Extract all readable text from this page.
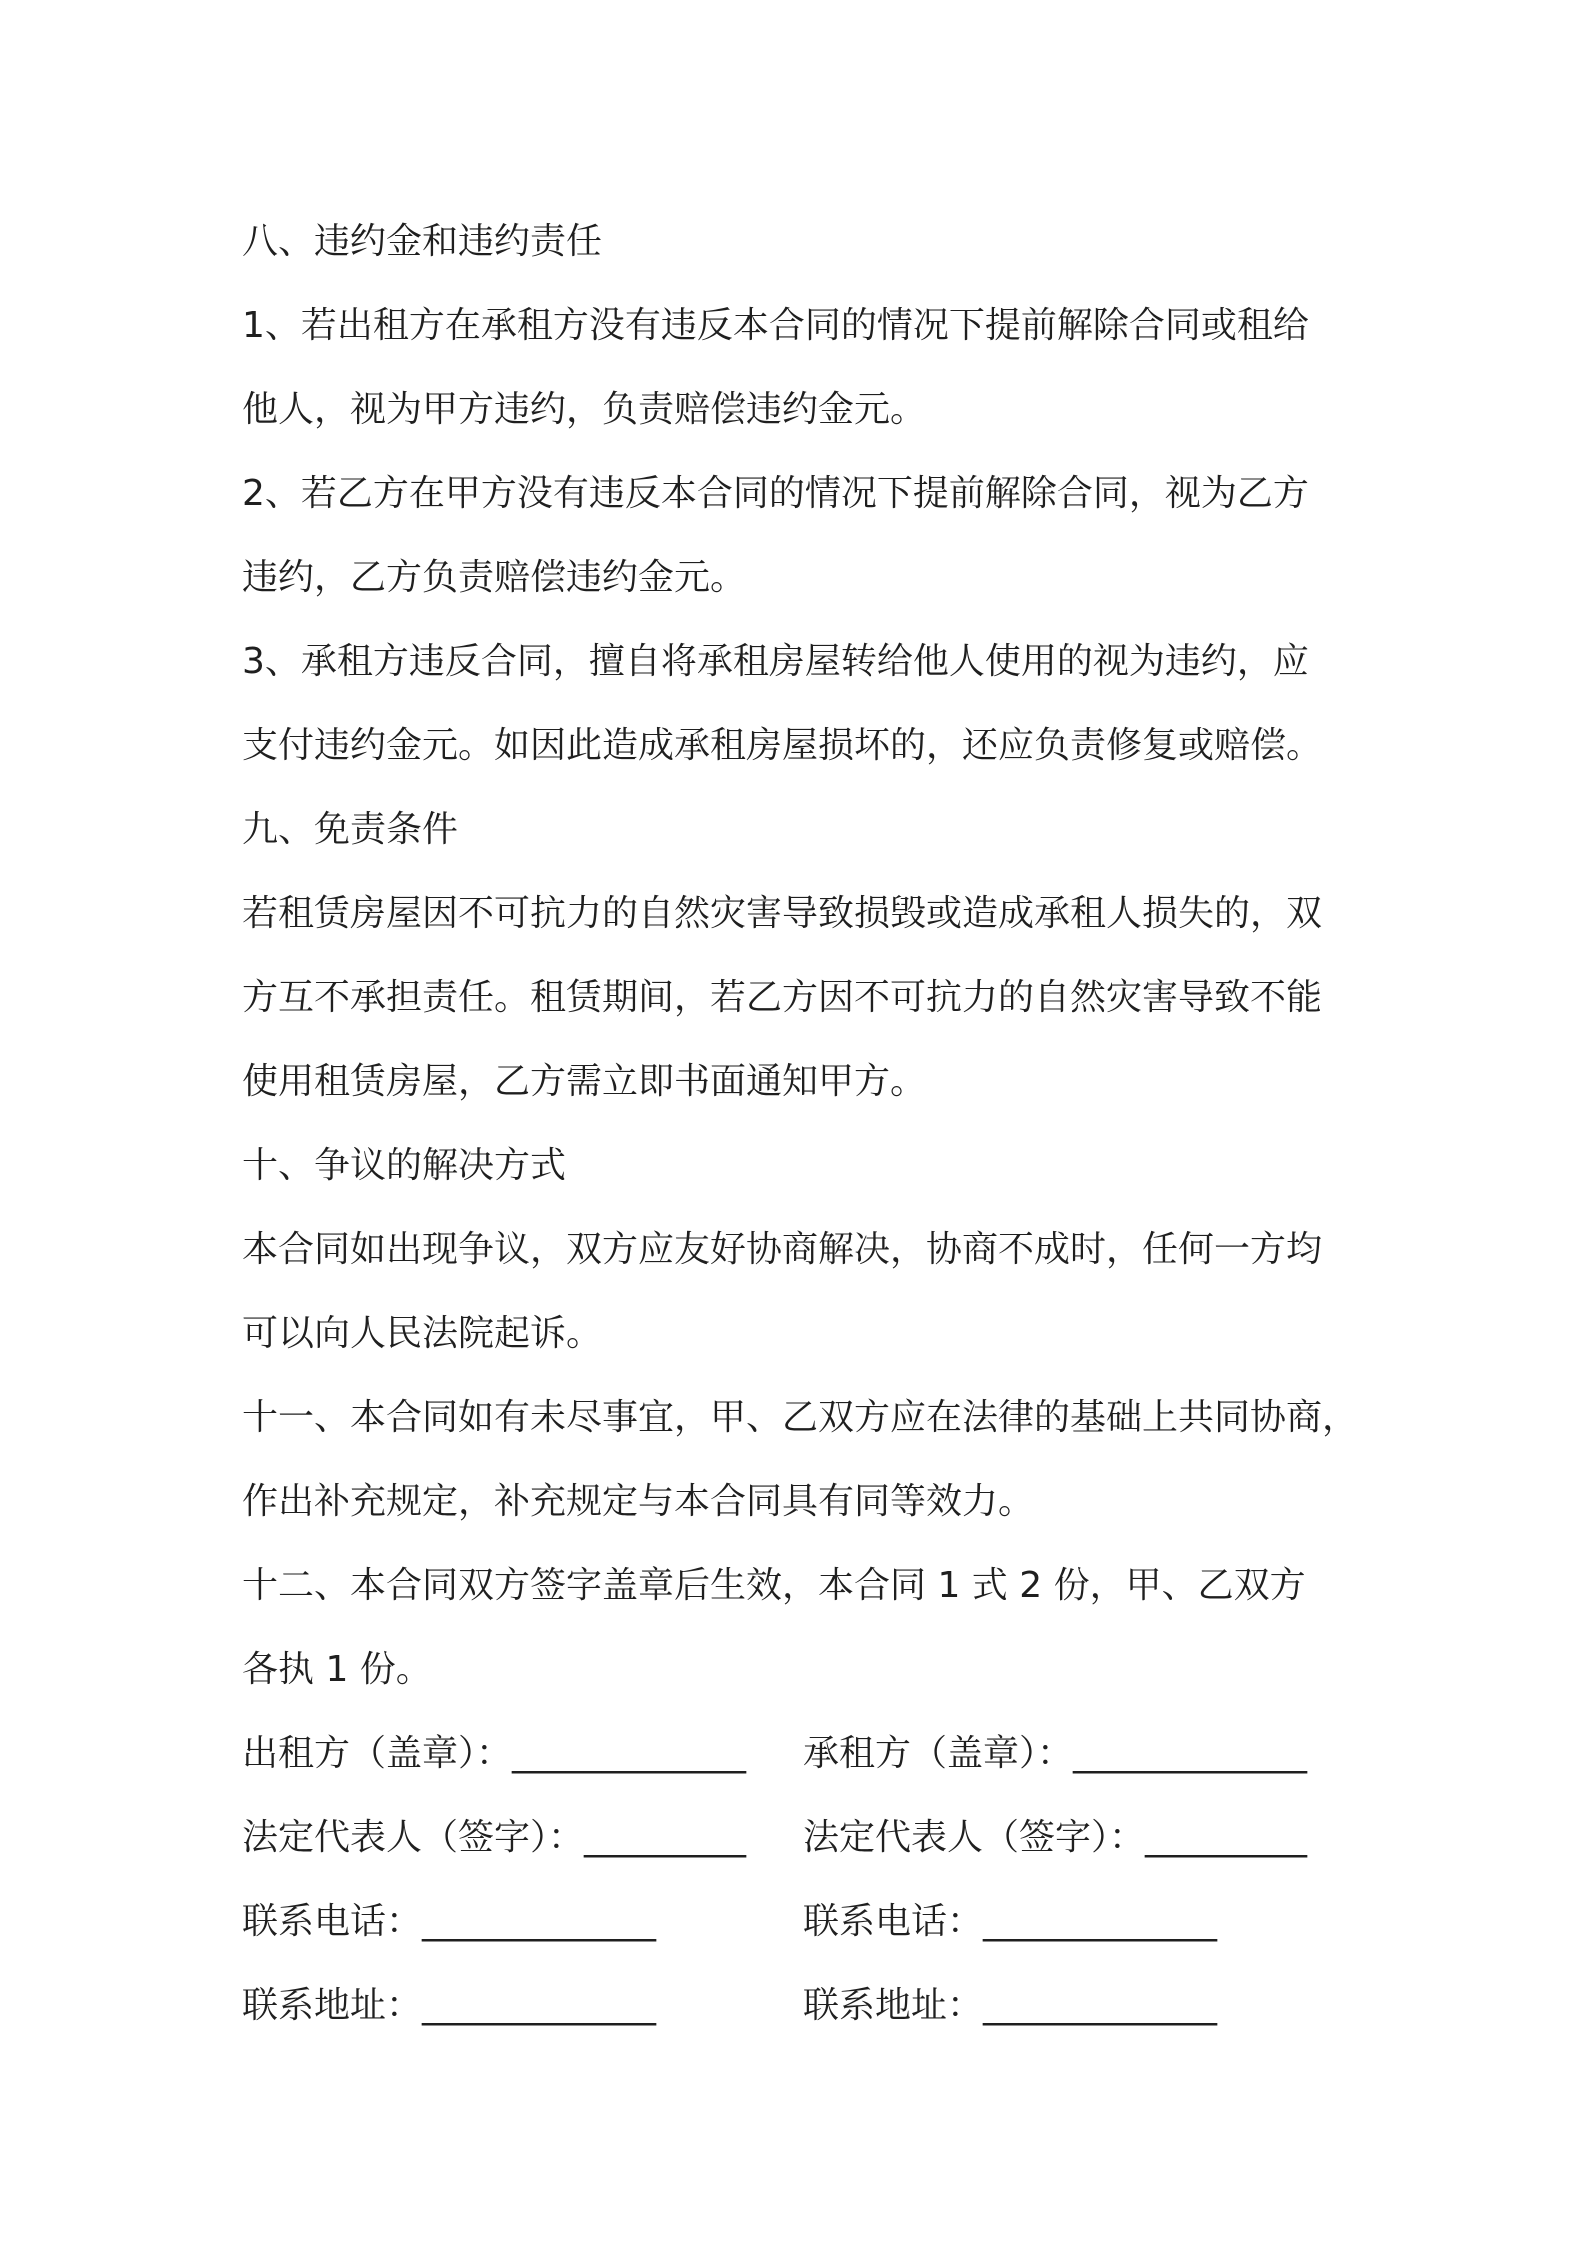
八、违约金和违约责任
1、若出租方在承租方没有违反本合同的情况下提前解除合同或租给
他人，视为甲方违约，负责赔偿违约金元。
2、若乙方在甲方没有违反本合同的情况下提前解除合同，视为乙方
违约，乙方负责赔偿违约金元。
3、承租方违反合同，擅自将承租房屋转给他人使用的视为违约，应
支付违约金元。如因此造成承租房屋损坏的，还应负责修复或赔偿。
九、免责条件
若租赁房屋因不可抗力的自然灾害导致损毁或造成承租人损失的，双
方互不承担责任。租赁期间，若乙方因不可抗力的自然灾害导致不能
使用租赁房屋，乙方需立即书面通知甲方。
十、争议的解决方式
本合同如出现争议，双方应友好协商解决，协商不成时，任何一方均
可以向人民法院起诉。
十一、本合同如有未尽事宜，甲、乙双方应在法律的基础上共同协商，
作出补充规定，补充规定与本合同具有同等效力。
十二、本合同双方签字盖章后生效，本合同 1 式 2 份，甲、乙双方
各执 1 份。
出租方（盖章）：_____________	承租方（盖章）：_____________
法定代表人（签字）：_________	法定代表人（签字）：_________
联系电话：_____________	联系电话：_____________
联系地址：_____________	联系地址：_____________
